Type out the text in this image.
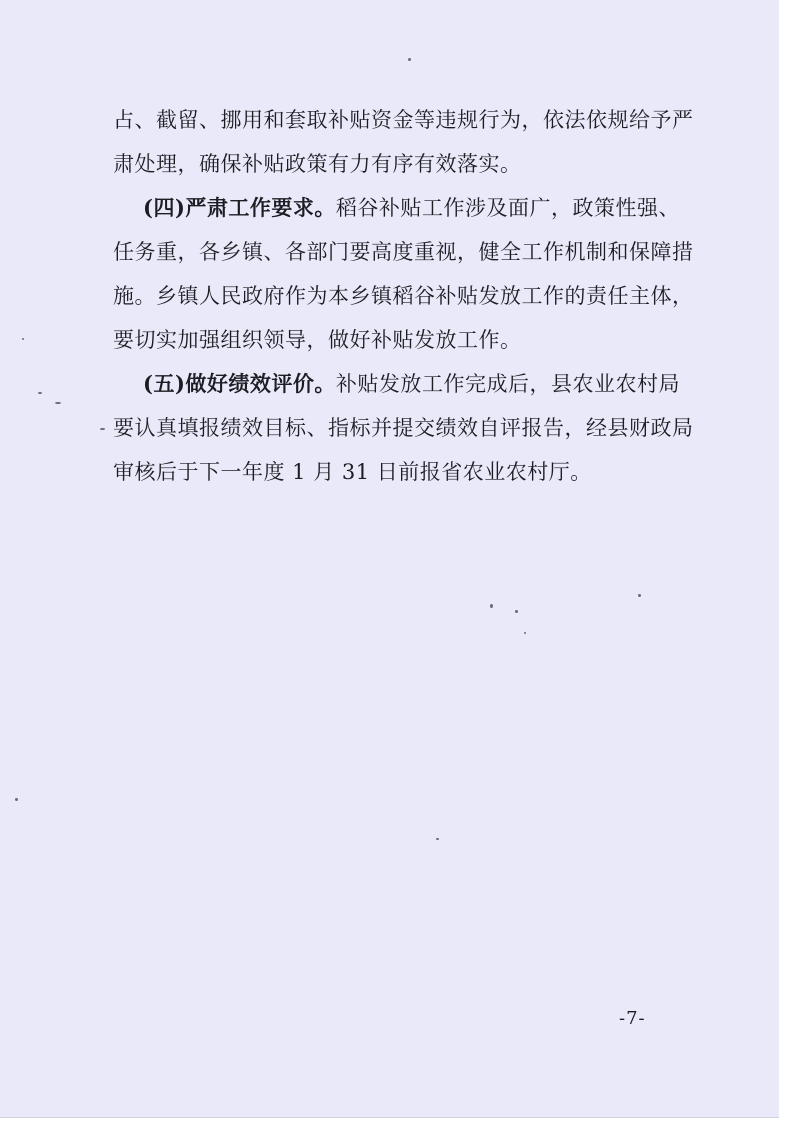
占、截留、挪用和套取补贴资金等违规行为，依法依规给予严
肃处理，确保补贴政策有力有序有效落实。
(四)严肃工作要求。稻谷补贴工作涉及面广，政策性强、
任务重，各乡镇、各部门要高度重视，健全工作机制和保障措
施。乡镇人民政府作为本乡镇稻谷补贴发放工作的责任主体，
要切实加强组织领导，做好补贴发放工作。
(五)做好绩效评价。补贴发放工作完成后，县农业农村局
要认真填报绩效目标、指标并提交绩效自评报告，经县财政局
审核后于下一年度 1 月 31 日前报省农业农村厅。
-7-
